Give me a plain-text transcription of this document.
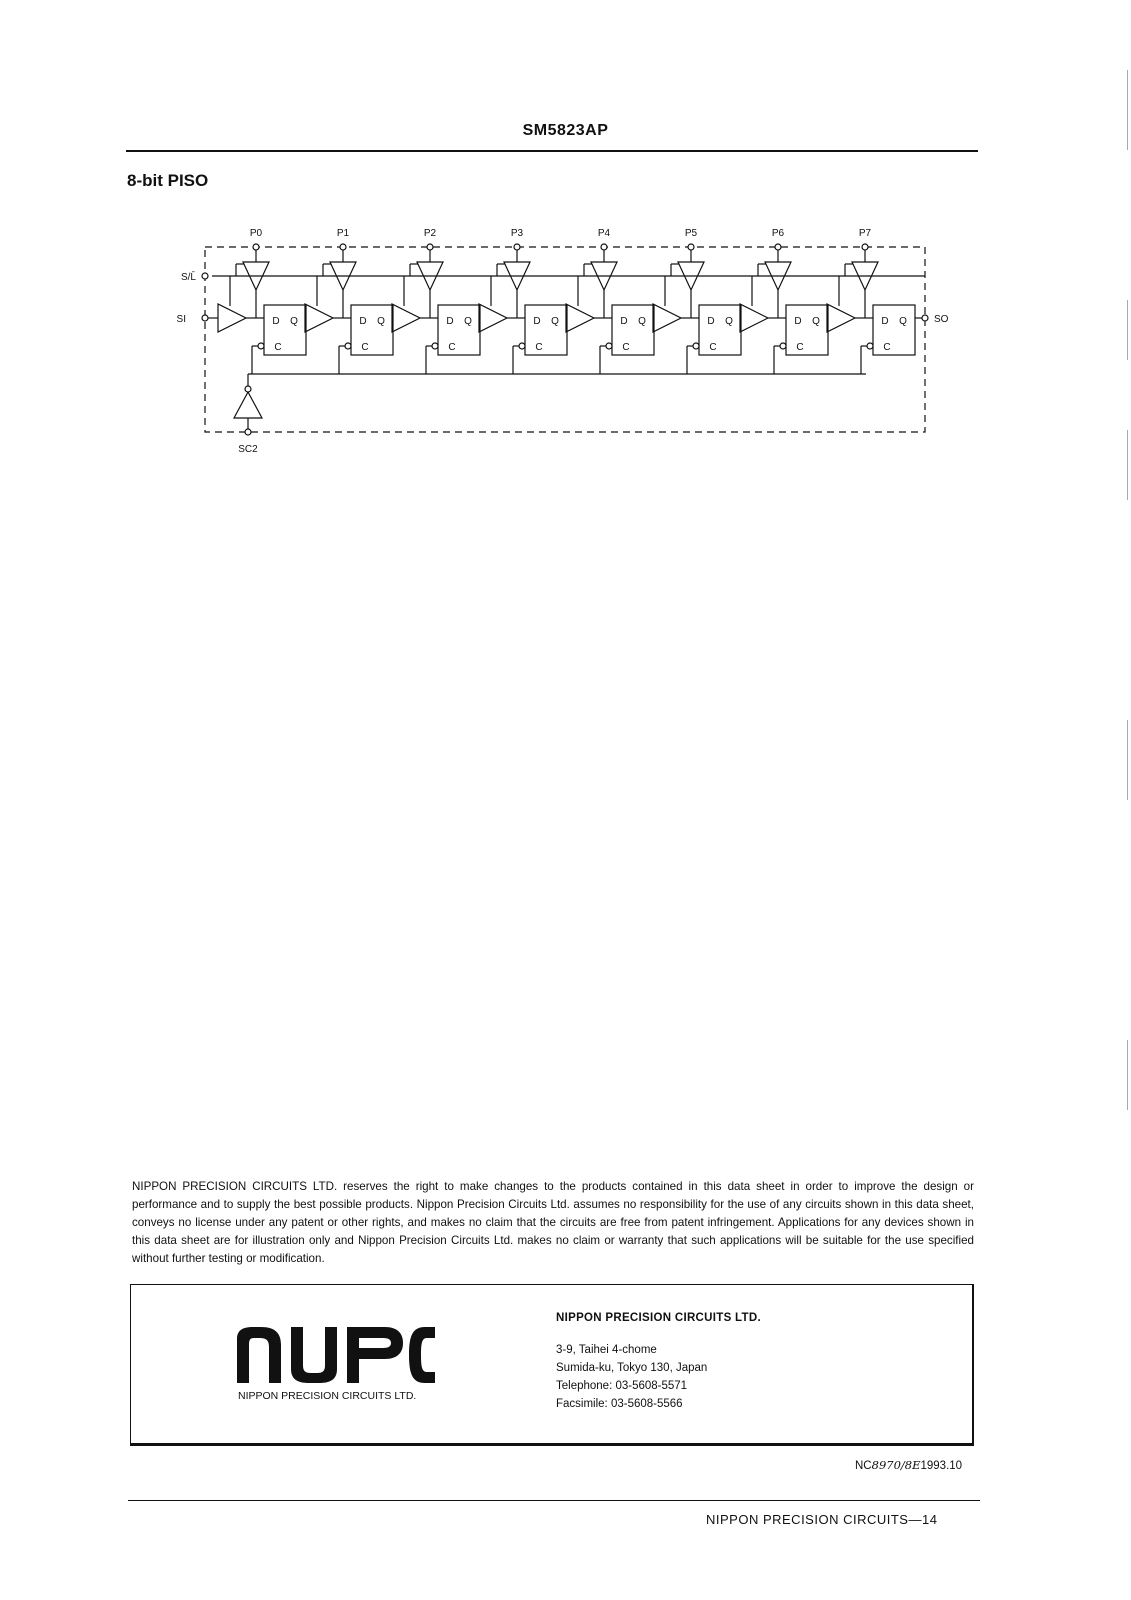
SM5823AP
8-bit PISO
P0
D Q
C
P1
D Q
C
P2
D Q
C
P3
D Q
C
P4
D Q
C
P5
D Q
C
P6
D Q
C
P7
D Q
C
SI
S/L̄
SO
SC2
NIPPON PRECISION CIRCUITS LTD. reserves the right to make changes to the products contained in this data sheet in order to improve the design or performance and to supply the best possible products. Nippon Precision Circuits Ltd. assumes no responsibility for the use of any circuits shown in this data sheet, conveys no license under any patent or other rights, and makes no claim that the circuits are free from patent infringement. Applications for any devices shown in this data sheet are for illustration only and Nippon Precision Circuits Ltd. makes no claim or warranty that such applications will be suitable for the use specified without further testing or modification.
NIPPON PRECISION CIRCUITS LTD.
NIPPON PRECISION CIRCUITS LTD.
3-9, Taihei 4-chome
Sumida-ku, Tokyo 130, Japan
Telephone: 03-5608-5571
Facsimile: 03-5608-5566
NC8970/8E1993.10
NIPPON PRECISION CIRCUITS—14
